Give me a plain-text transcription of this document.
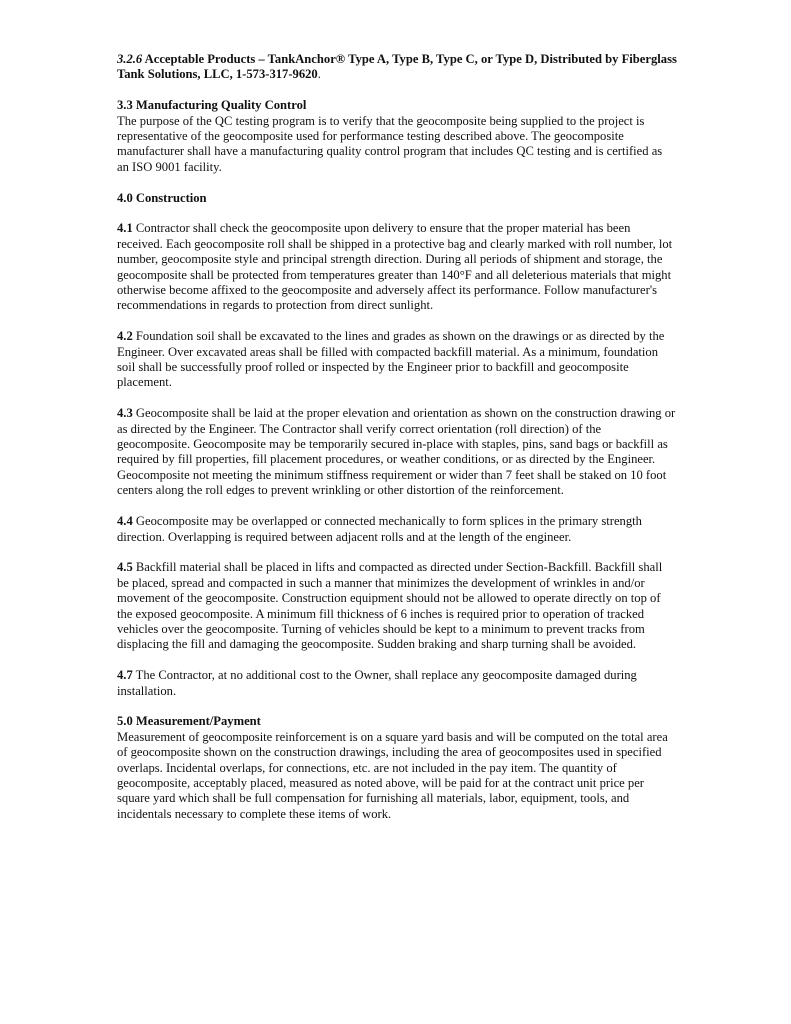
3.2.6 Acceptable Products – TankAnchor® Type A, Type B, Type C, or Type D, Distributed by Fiberglass Tank Solutions, LLC, 1-573-317-9620.

3.3 Manufacturing Quality Control
The purpose of the QC testing program is to verify that the geocomposite being supplied to the project is representative of the geocomposite used for performance testing described above. The geocomposite manufacturer shall have a manufacturing quality control program that includes QC testing and is certified as an ISO 9001 facility.

4.0 Construction

4.1 Contractor shall check the geocomposite upon delivery to ensure that the proper material has been received. Each geocomposite roll shall be shipped in a protective bag and clearly marked with roll number, lot number, geocomposite style and principal strength direction. During all periods of shipment and storage, the geocomposite shall be protected from temperatures greater than 140°F and all deleterious materials that might otherwise become affixed to the geocomposite and adversely affect its performance. Follow manufacturer's recommendations in regards to protection from direct sunlight.

4.2 Foundation soil shall be excavated to the lines and grades as shown on the drawings or as directed by the Engineer. Over excavated areas shall be filled with compacted backfill material. As a minimum, foundation soil shall be successfully proof rolled or inspected by the Engineer prior to backfill and geocomposite placement.

4.3 Geocomposite shall be laid at the proper elevation and orientation as shown on the construction drawing or as directed by the Engineer. The Contractor shall verify correct orientation (roll direction) of the geocomposite. Geocomposite may be temporarily secured in-place with staples, pins, sand bags or backfill as required by fill properties, fill placement procedures, or weather conditions, or as directed by the Engineer. Geocomposite not meeting the minimum stiffness requirement or wider than 7 feet shall be staked on 10 foot centers along the roll edges to prevent wrinkling or other distortion of the reinforcement.

4.4 Geocomposite may be overlapped or connected mechanically to form splices in the primary strength direction. Overlapping is required between adjacent rolls and at the length of the engineer.

4.5 Backfill material shall be placed in lifts and compacted as directed under Section-Backfill. Backfill shall be placed, spread and compacted in such a manner that minimizes the development of wrinkles in and/or movement of the geocomposite. Construction equipment should not be allowed to operate directly on top of the exposed geocomposite. A minimum fill thickness of 6 inches is required prior to operation of tracked vehicles over the geocomposite. Turning of vehicles should be kept to a minimum to prevent tracks from displacing the fill and damaging the geocomposite. Sudden braking and sharp turning shall be avoided.

4.7 The Contractor, at no additional cost to the Owner, shall replace any geocomposite damaged during installation.

5.0 Measurement/Payment
Measurement of geocomposite reinforcement is on a square yard basis and will be computed on the total area of geocomposite shown on the construction drawings, including the area of geocomposites used in specified overlaps. Incidental overlaps, for connections, etc. are not included in the pay item. The quantity of geocomposite, acceptably placed, measured as noted above, will be paid for at the contract unit price per square yard which shall be full compensation for furnishing all materials, labor, equipment, tools, and incidentals necessary to complete these items of work.
